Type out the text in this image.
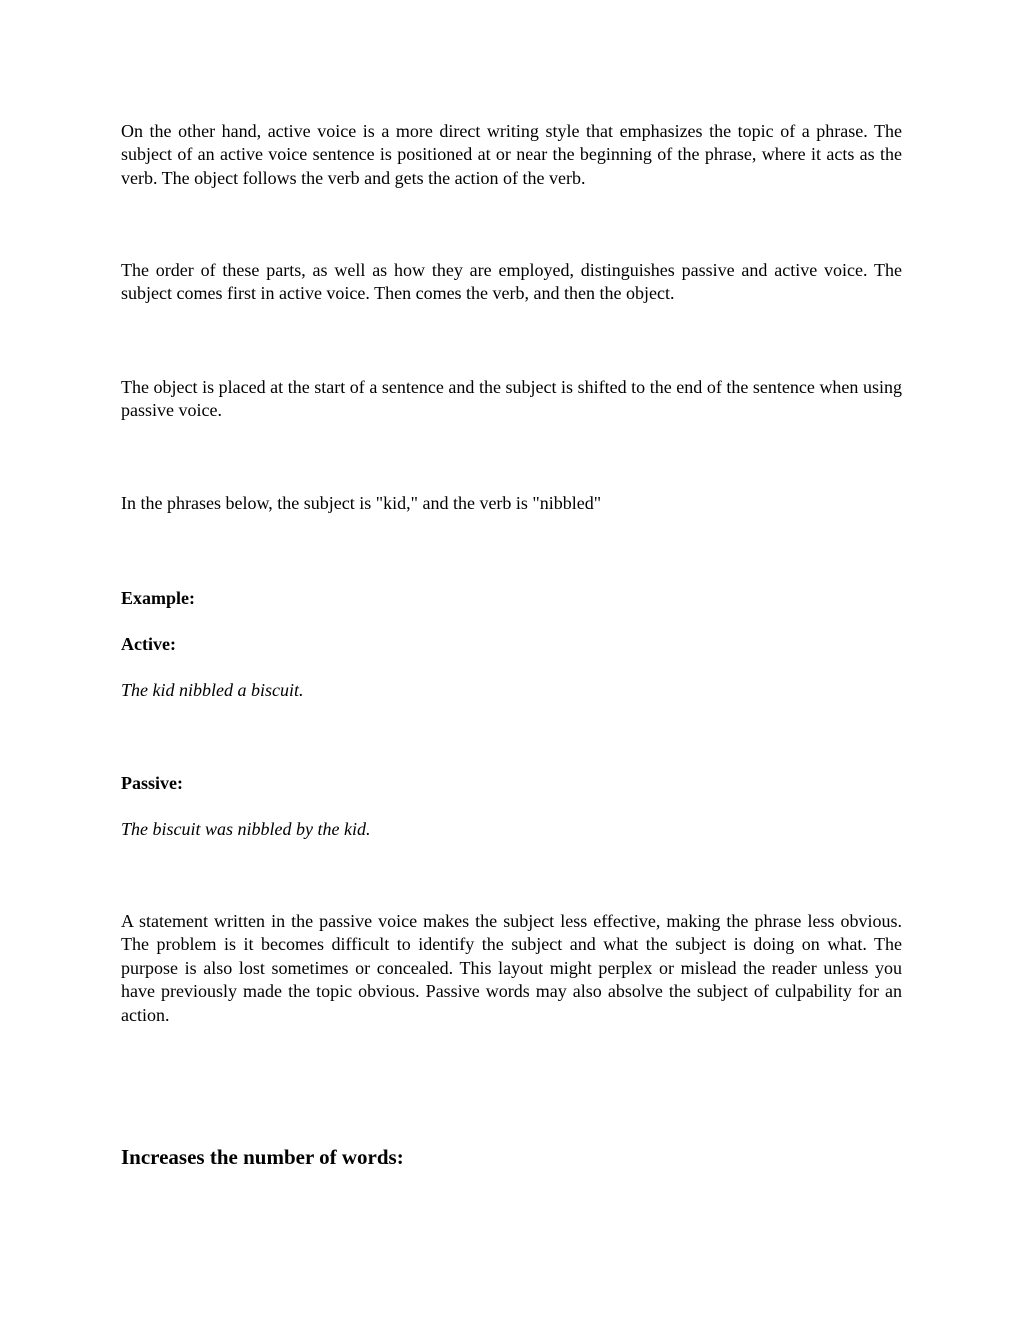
On the other hand, active voice is a more direct writing style that emphasizes the topic of a phrase. The subject of an active voice sentence is positioned at or near the beginning of the phrase, where it acts as the verb. The object follows the verb and gets the action of the verb.

The order of these parts, as well as how they are employed, distinguishes passive and active voice. The subject comes first in active voice. Then comes the verb, and then the object.

The object is placed at the start of a sentence and the subject is shifted to the end of the sentence when using passive voice.

In the phrases below, the subject is "kid," and the verb is "nibbled"

Example:

Active:

The kid nibbled a biscuit.

Passive:

The biscuit was nibbled by the kid.

A statement written in the passive voice makes the subject less effective, making the phrase less obvious. The problem is it becomes difficult to identify the subject and what the subject is doing on what. The purpose is also lost sometimes or concealed. This layout might perplex or mislead the reader unless you have previously made the topic obvious. Passive words may also absolve the subject of culpability for an action.

Increases the number of words:
